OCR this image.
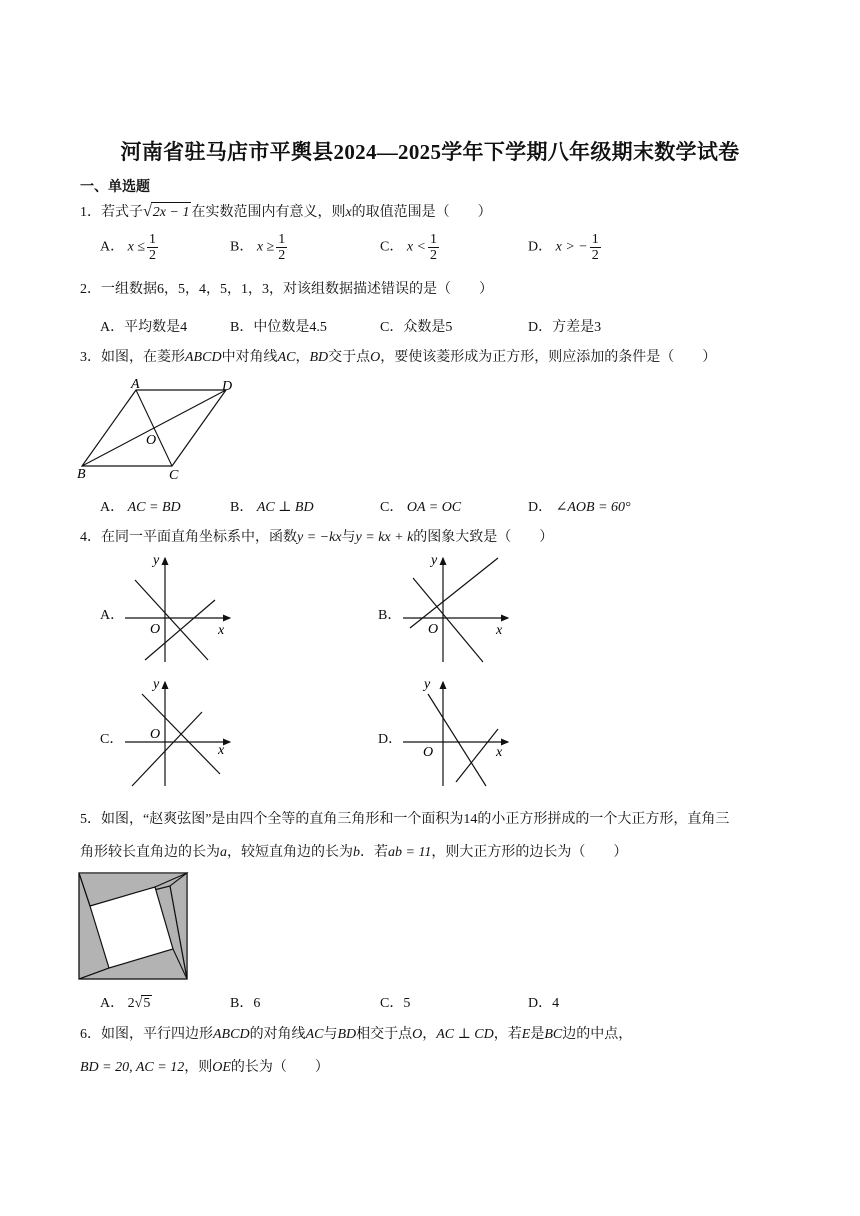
河南省驻马店市平舆县2024—2025学年下学期八年级期末数学试卷
一、单选题
1．若式子√2x − 1 在实数范围内有意义，则x的取值范围是（　　）
A． $x \le \frac{1}{2}$	B． $x \ge \frac{1}{2}$	C． $x < \frac{1}{2}$	D． x > − $\frac{1}{2}$
2．一组数据6，5，4，5，1，3，对该组数据描述错误的是（　　）
A．平均数是4	B．中位数是4.5	C．众数是5	D．方差是3
3．如图，在菱形ABCD中对角线AC，BD交于点O，要使该菱形成为正方形，则应添加的条件是（　　）
A	D
B	C
O
A． AC = BD	B． AC ⊥ BD	C． OA = OC	D． ∠AOB = 60°
4．在同一平面直角坐标系中，函数y = −kx与y = kx + k的图象大致是（　　）
A．
y
x
O
B．
y
x
O
C．
y
x
O	D．
y
x
O
5．如图，“赵爽弦图”是由四个全等的直角三角形和一个面积为14的小正方形拼成的一个大正方形，直角三
角形较长直角边的长为a，较短直角边的长为b．若ab = 11，则大正方形的边长为（　　）
A． 2√5	B．6	C．5	D．4
6．如图，平行四边形ABCD的对角线AC与BD相交于点O，AC ⊥ CD，若E是BC边的中点，
BD = 20, AC = 12，则OE的长为（　　）
